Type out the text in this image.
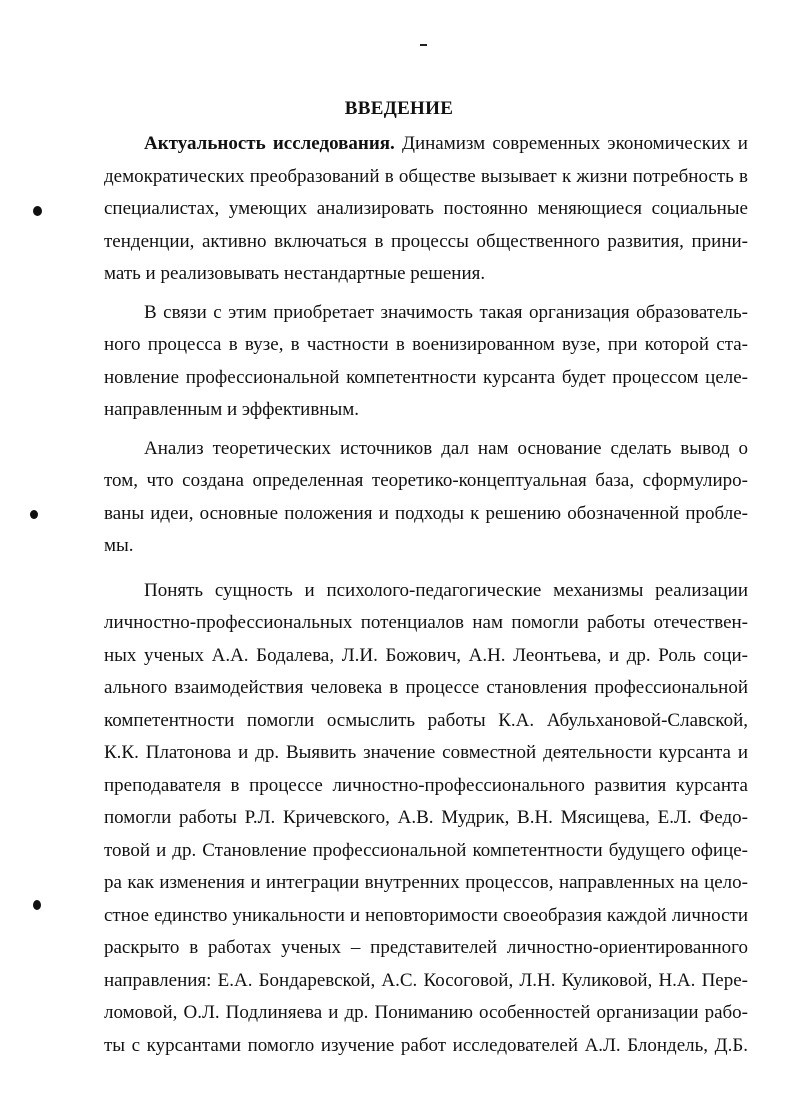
ВВЕДЕНИЕ
Актуальность исследования. Динамизм современных экономических и
демократических преобразований в обществе вызывает к жизни потребность в
специалистах, умеющих анализировать постоянно меняющиеся социальные
тенденции, активно включаться в процессы общественного развития, прини-
мать и реализовывать нестандартные решения.
В связи с этим приобретает значимость такая организация образователь-
ного процесса в вузе, в частности в военизированном вузе, при которой ста-
новление профессиональной компетентности курсанта будет процессом целе-
направленным и эффективным.
Анализ теоретических источников дал нам основание сделать вывод о
том, что создана определенная теоретико-концептуальная база, сформулиро-
ваны идеи, основные положения и подходы к решению обозначенной пробле-
мы.
Понять сущность и психолого-педагогические механизмы реализации
личностно-профессиональных потенциалов нам помогли работы отечествен-
ных ученых А.А. Бодалева, Л.И. Божович, А.Н. Леонтьева, и др. Роль соци-
ального взаимодействия человека в процессе становления профессиональной
компетентности помогли осмыслить работы К.А. Абульхановой-Славской,
К.К. Платонова и др. Выявить значение совместной деятельности курсанта и
преподавателя в процессе личностно-профессионального развития курсанта
помогли работы Р.Л. Кричевского, А.В. Мудрик, В.Н. Мясищева, Е.Л. Федо-
товой и др. Становление профессиональной компетентности будущего офице-
ра как изменения и интеграции внутренних процессов, направленных на цело-
стное единство уникальности и неповторимости своеобразия каждой личности
раскрыто в работах ученых – представителей личностно-ориентированного
направления: Е.А. Бондаревской, А.С. Косоговой, Л.Н. Куликовой, Н.А. Пере-
ломовой, О.Л. Подлиняева и др. Пониманию особенностей организации рабо-
ты с курсантами помогло изучение работ исследователей А.Л. Блондель, Д.Б.
